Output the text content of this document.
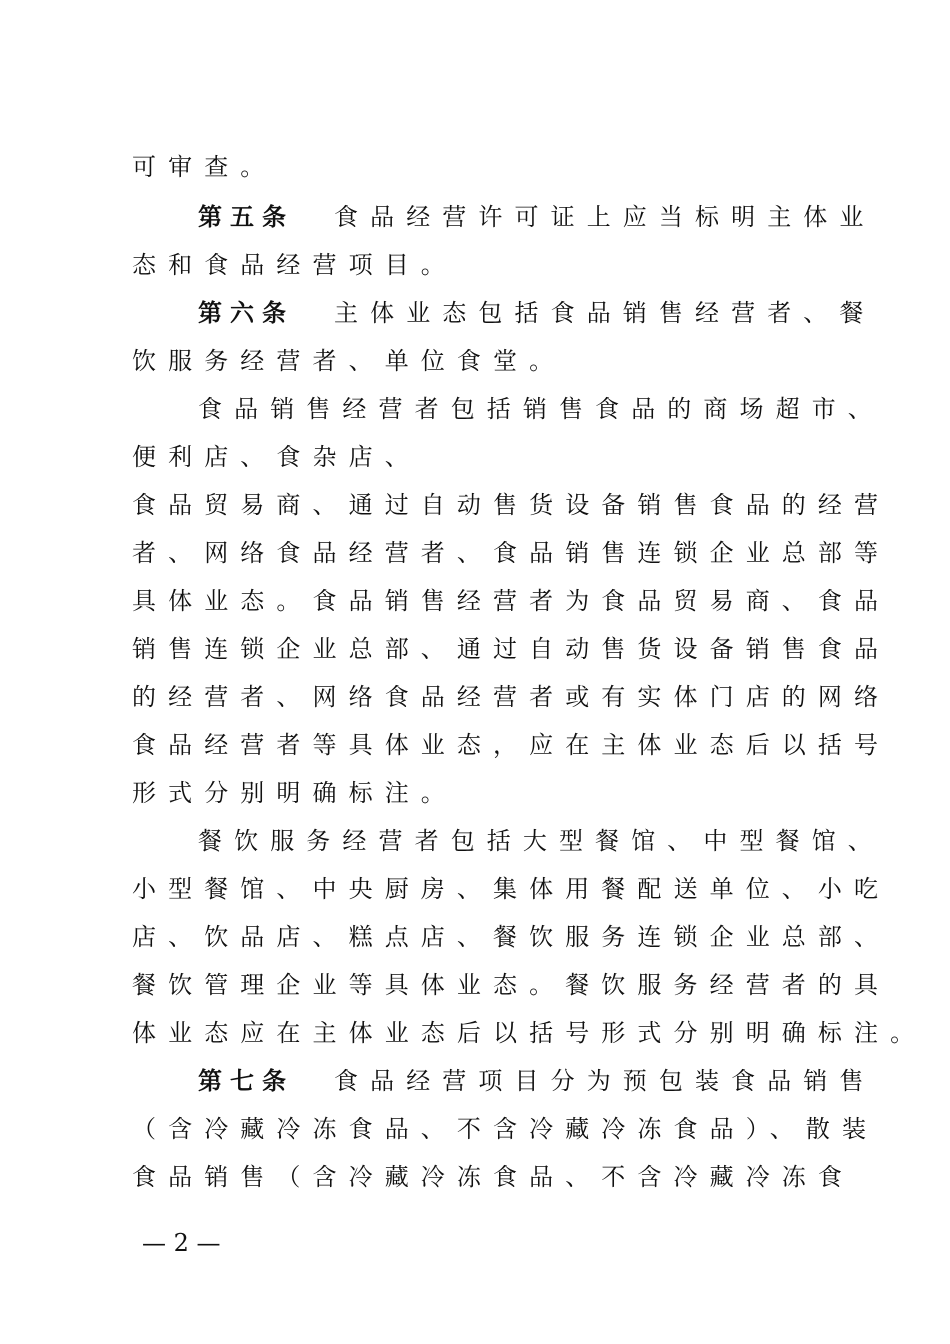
可审查。
第五条 食品经营许可证上应当标明主体业
态和食品经营项目。
第六条 主体业态包括食品销售经营者、餐
饮服务经营者、单位食堂。
食品销售经营者包括销售食品的商场超市、
便利店、食杂店、
食品贸易商、通过自动售货设备销售食品的经营
者、网络食品经营者、食品销售连锁企业总部等
具体业态。食品销售经营者为食品贸易商、食品
销售连锁企业总部、通过自动售货设备销售食品
的经营者、网络食品经营者或有实体门店的网络
食品经营者等具体业态，应在主体业态后以括号
形式分别明确标注。
餐饮服务经营者包括大型餐馆、中型餐馆、
小型餐馆、中央厨房、集体用餐配送单位、小吃
店、饮品店、糕点店、餐饮服务连锁企业总部、
餐饮管理企业等具体业态。餐饮服务经营者的具
体业态应在主体业态后以括号形式分别明确标注。
第七条 食品经营项目分为预包装食品销售
（含冷藏冷冻食品、不含冷藏冷冻食品）、散装
食品销售（含冷藏冷冻食品、不含冷藏冷冻食
— 2 —
